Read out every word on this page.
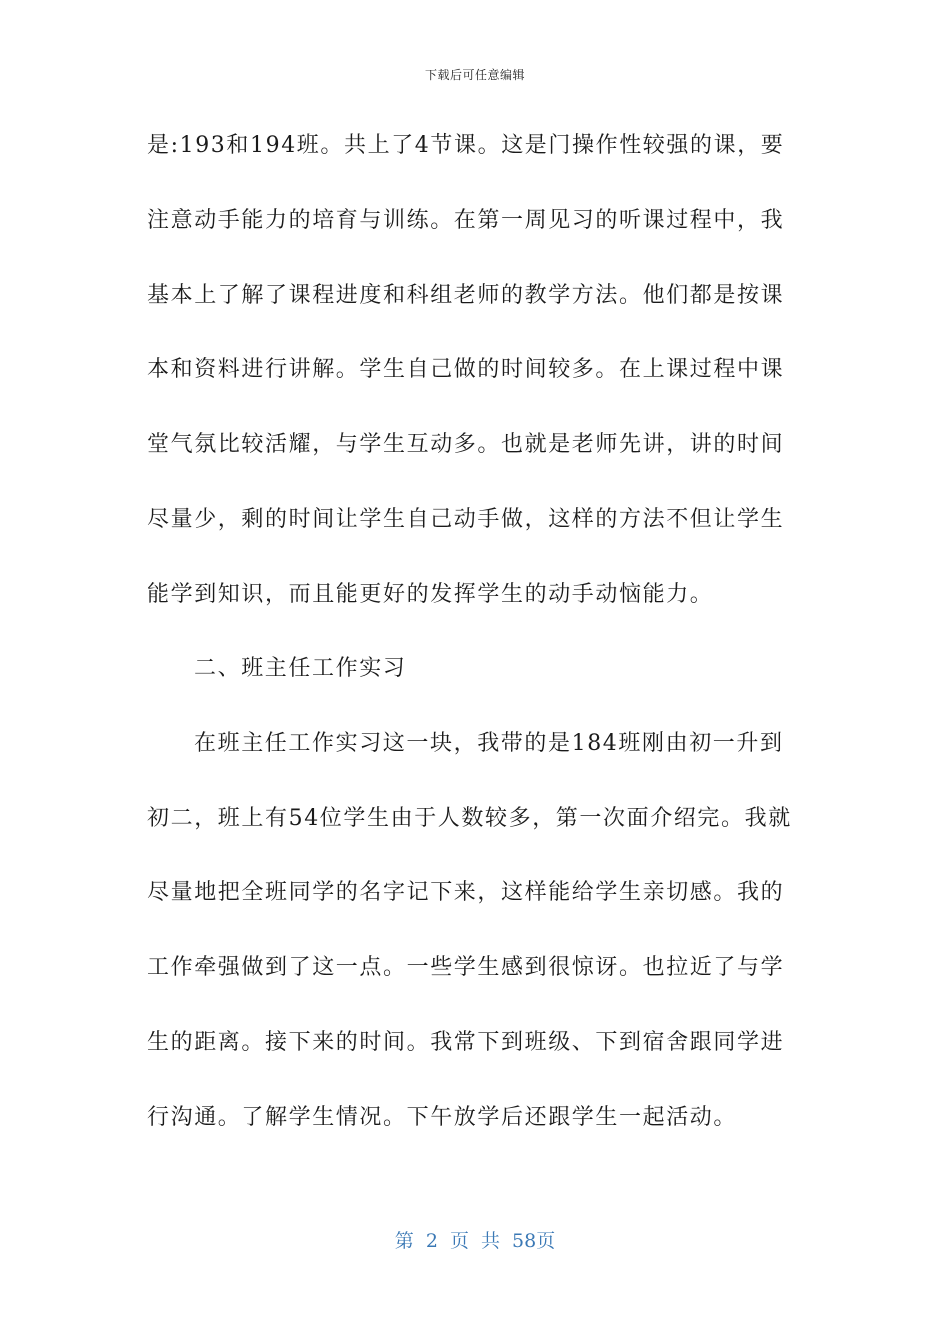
下载后可任意编辑
是:193和194班。共上了4节课。这是门操作性较强的课，要
注意动手能力的培育与训练。在第一周见习的听课过程中，我
基本上了解了课程进度和科组老师的教学方法。他们都是按课
本和资料进行讲解。学生自己做的时间较多。在上课过程中课
堂气氛比较活耀，与学生互动多。也就是老师先讲，讲的时间
尽量少，剩的时间让学生自己动手做，这样的方法不但让学生
能学到知识，而且能更好的发挥学生的动手动恼能力。
二、班主任工作实习
在班主任工作实习这一块，我带的是184班刚由初一升到
初二，班上有54位学生由于人数较多，第一次面介绍完。我就
尽量地把全班同学的名字记下来，这样能给学生亲切感。我的
工作牵强做到了这一点。一些学生感到很惊讶。也拉近了与学
生的距离。接下来的时间。我常下到班级、下到宿舍跟同学进
行沟通。了解学生情况。下午放学后还跟学生一起活动。
第 2 页 共 58页
